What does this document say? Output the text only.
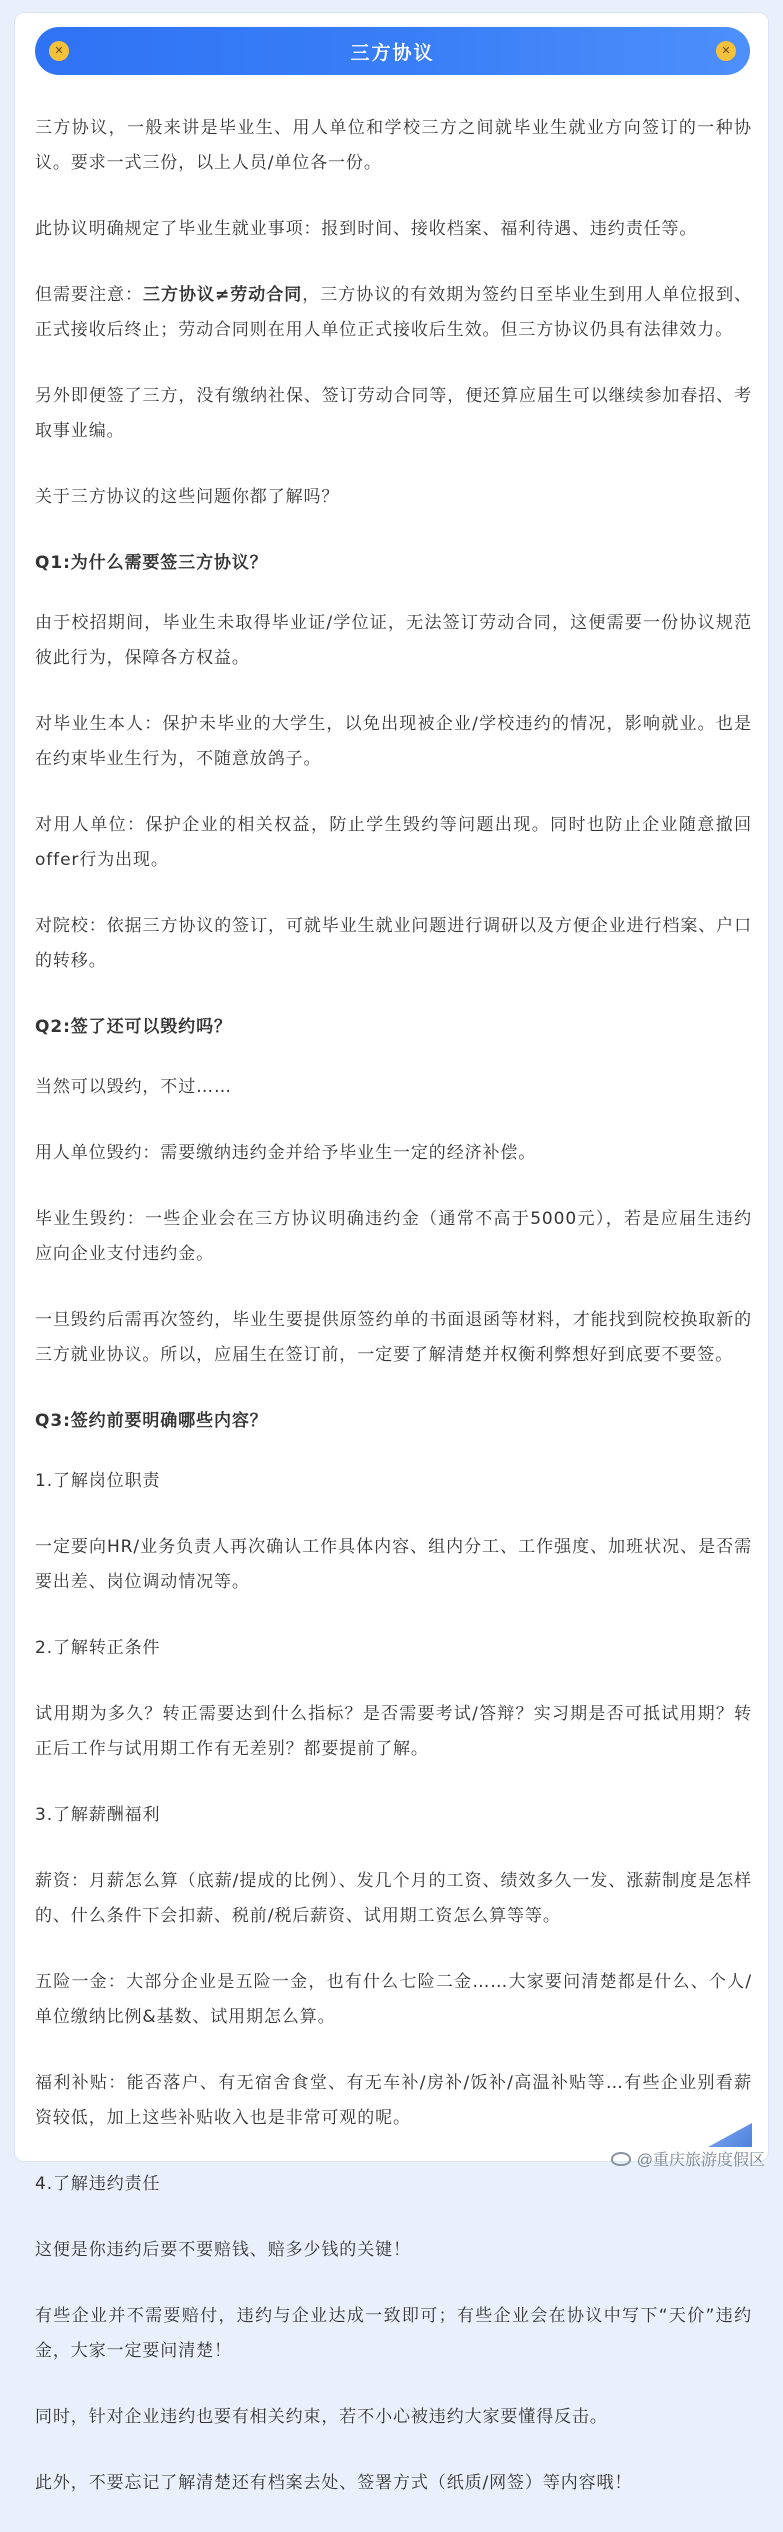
✕	三方协议	✕

三方协议，一般来讲是毕业生、用人单位和学校三方之间就毕业生就业方向签订的一种协议。要求一式三份，以上人员/单位各一份。

此协议明确规定了毕业生就业事项：报到时间、接收档案、福利待遇、违约责任等。

但需要注意：三方协议≠劳动合同，三方协议的有效期为签约日至毕业生到用人单位报到、正式接收后终止；劳动合同则在用人单位正式接收后生效。但三方协议仍具有法律效力。

另外即便签了三方，没有缴纳社保、签订劳动合同等，便还算应届生可以继续参加春招、考取事业编。

关于三方协议的这些问题你都了解吗？

Q1:为什么需要签三方协议？

由于校招期间，毕业生未取得毕业证/学位证，无法签订劳动合同，这便需要一份协议规范彼此行为，保障各方权益。

对毕业生本人：保护未毕业的大学生，以免出现被企业/学校违约的情况，影响就业。也是在约束毕业生行为，不随意放鸽子。

对用人单位：保护企业的相关权益，防止学生毁约等问题出现。同时也防止企业随意撤回offer行为出现。

对院校：依据三方协议的签订，可就毕业生就业问题进行调研以及方便企业进行档案、户口的转移。

Q2:签了还可以毁约吗？

当然可以毁约，不过……

用人单位毁约：需要缴纳违约金并给予毕业生一定的经济补偿。

毕业生毁约：一些企业会在三方协议明确违约金（通常不高于5000元），若是应届生违约应向企业支付违约金。

一旦毁约后需再次签约，毕业生要提供原签约单的书面退函等材料，才能找到院校换取新的三方就业协议。所以，应届生在签订前，一定要了解清楚并权衡利弊想好到底要不要签。

Q3:签约前要明确哪些内容？

1.了解岗位职责

一定要向HR/业务负责人再次确认工作具体内容、组内分工、工作强度、加班状况、是否需要出差、岗位调动情况等。

2.了解转正条件

试用期为多久？转正需要达到什么指标？是否需要考试/答辩？实习期是否可抵试用期？转正后工作与试用期工作有无差别？都要提前了解。

3.了解薪酬福利

薪资：月薪怎么算（底薪/提成的比例）、发几个月的工资、绩效多久一发、涨薪制度是怎样的、什么条件下会扣薪、税前/税后薪资、试用期工资怎么算等等。

五险一金：大部分企业是五险一金，也有什么七险二金……大家要问清楚都是什么、个人/单位缴纳比例&基数、试用期怎么算。

福利补贴：能否落户、有无宿舍食堂、有无车补/房补/饭补/高温补贴等…有些企业别看薪资较低，加上这些补贴收入也是非常可观的呢。

4.了解违约责任

这便是你违约后要不要赔钱、赔多少钱的关键！

有些企业并不需要赔付，违约与企业达成一致即可；有些企业会在协议中写下“天价”违约金，大家一定要问清楚！

同时，针对企业违约也要有相关约束，若不小心被违约大家要懂得反击。

此外，不要忘记了解清楚还有档案去处、签署方式（纸质/网签）等内容哦！

@重庆旅游度假区
